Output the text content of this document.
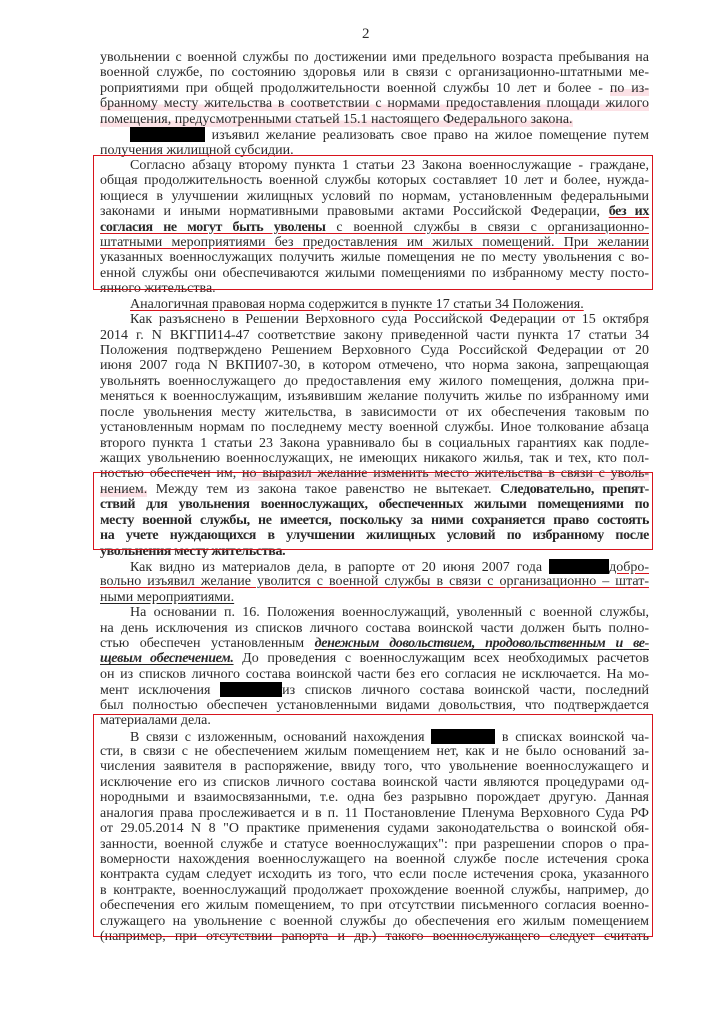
2
увольнении с военной службы по достижении ими предельного возраста пребывания на
военной службе, по состоянию здоровья или в связи с организационно-штатными ме-
роприятиями при общей продолжительности военной службы 10 лет и более - по из-
бранному месту жительства в соответствии с нормами предоставления площади жилого
помещения, предусмотренными статьей 15.1 настоящего Федерального закона.
изъявил желание реализовать свое право на жилое помещение путем
получения жилищной субсидии.
Согласно абзацу второму пункта 1 статьи 23 Закона военнослужащие - граждане,
общая продолжительность военной службы которых составляет 10 лет и более, нужда-
ющиеся в улучшении жилищных условий по нормам, установленным федеральными
законами и иными нормативными правовыми актами Российской Федерации, без их
согласия не могут быть уволены с военной службы в связи с организационно-
штатными мероприятиями без предоставления им жилых помещений. При желании
указанных военнослужащих получить жилые помещения не по месту увольнения с во-
енной службы они обеспечиваются жилыми помещениями по избранному месту посто-
янного жительства.
Аналогичная правовая норма содержится в пункте 17 статьи 34 Положения.
Как разъяснено в Решении Верховного суда Российской Федерации от 15 октября
2014 г. N ВКГПИ14-47 соответствие закону приведенной части пункта 17 статьи 34
Положения подтверждено Решением Верховного Суда Российской Федерации от 20
июня 2007 года N ВКПИ07-30, в котором отмечено, что норма закона, запрещающая
увольнять военнослужащего до предоставления ему жилого помещения, должна при-
меняться к военнослужащим, изъявившим желание получить жилье по избранному ими
после увольнения месту жительства, в зависимости от их обеспечения таковым по
установленным нормам по последнему месту военной службы. Иное толкование абзаца
второго пункта 1 статьи 23 Закона уравнивало бы в социальных гарантиях как подле-
жащих увольнению военнослужащих, не имеющих никакого жилья, так и тех, кто пол-
ностью обеспечен им, но выразил желание изменить место жительства в связи с уволь-
нением. Между тем из закона такое равенство не вытекает. Следовательно, препят-
ствий для увольнения военнослужащих, обеспеченных жилыми помещениями по
месту военной службы, не имеется, поскольку за ними сохраняется право состоять
на учете нуждающихся в улучшении жилищных условий по избранному после
увольнения месту жительства.
Как видно из материалов дела, в рапорте от 20 июня 2007 года	добро-
вольно изъявил желание уволится с военной службы в связи с организационно – штат-
ными мероприятиями.
На основании п. 16. Положения военнослужащий, уволенный с военной службы,
на день исключения из списков личного состава воинской части должен быть полно-
стью обеспечен установленным денежным довольствием, продовольственным и ве-
щевым обеспечением. До проведения с военнослужащим всех необходимых расчетов
он из списков личного состава воинской части без его согласия не исключается. На мо-
мент исключения	из списков личного состава воинской части, последний
был полностью обеспечен установленными видами довольствия, что подтверждается
материалами дела.
В связи с изложенным, оснований нахождения	в списках воинской ча-
сти, в связи с не обеспечением жилым помещением нет, как и не было оснований за-
числения заявителя в распоряжение, ввиду того, что увольнение военнослужащего и
исключение его из списков личного состава воинской части являются процедурами од-
нородными и взаимосвязанными, т.е. одна без разрывно порождает другую. Данная
аналогия права прослеживается и в п. 11 Постановление Пленума Верховного Суда РФ
от 29.05.2014 N 8 "О практике применения судами законодательства о воинской обя-
занности, военной службе и статусе военнослужащих": при разрешении споров о пра-
вомерности нахождения военнослужащего на военной службе после истечения срока
контракта судам следует исходить из того, что если после истечения срока, указанного
в контракте, военнослужащий продолжает прохождение военной службы, например, до
обеспечения его жилым помещением, то при отсутствии письменного согласия военно-
служащего на увольнение с военной службы до обеспечения его жилым помещением
(например, при отсутствии рапорта и др.) такого военнослужащего следует считать
